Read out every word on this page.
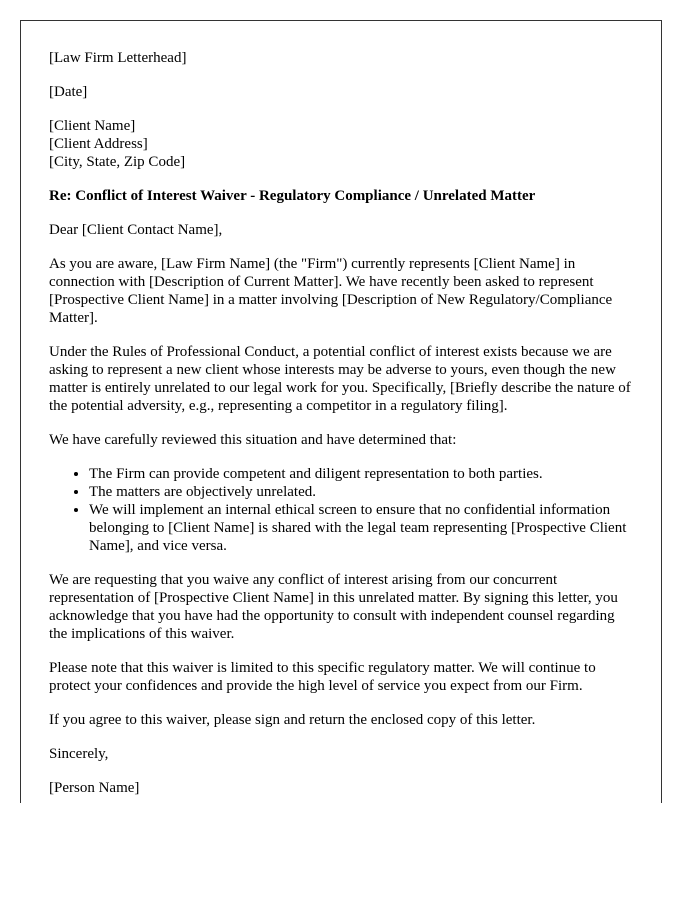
[Law Firm Letterhead]

[Date]

[Client Name]
[Client Address]
[City, State, Zip Code]

Re: Conflict of Interest Waiver - Regulatory Compliance / Unrelated Matter

Dear [Client Contact Name],

As you are aware, [Law Firm Name] (the "Firm") currently represents [Client Name] in connection with [Description of Current Matter]. We have recently been asked to represent [Prospective Client Name] in a matter involving [Description of New Regulatory/Compliance Matter].

Under the Rules of Professional Conduct, a potential conflict of interest exists because we are asking to represent a new client whose interests may be adverse to yours, even though the new matter is entirely unrelated to our legal work for you. Specifically, [Briefly describe the nature of the potential adversity, e.g., representing a competitor in a regulatory filing].

We have carefully reviewed this situation and have determined that:

• The Firm can provide competent and diligent representation to both parties.
• The matters are objectively unrelated.
• We will implement an internal ethical screen to ensure that no confidential information belonging to [Client Name] is shared with the legal team representing [Prospective Client Name], and vice versa.

We are requesting that you waive any conflict of interest arising from our concurrent representation of [Prospective Client Name] in this unrelated matter. By signing this letter, you acknowledge that you have had the opportunity to consult with independent counsel regarding the implications of this waiver.

Please note that this waiver is limited to this specific regulatory matter. We will continue to protect your confidences and provide the high level of service you expect from our Firm.

If you agree to this waiver, please sign and return the enclosed copy of this letter.

Sincerely,

[Person Name]
